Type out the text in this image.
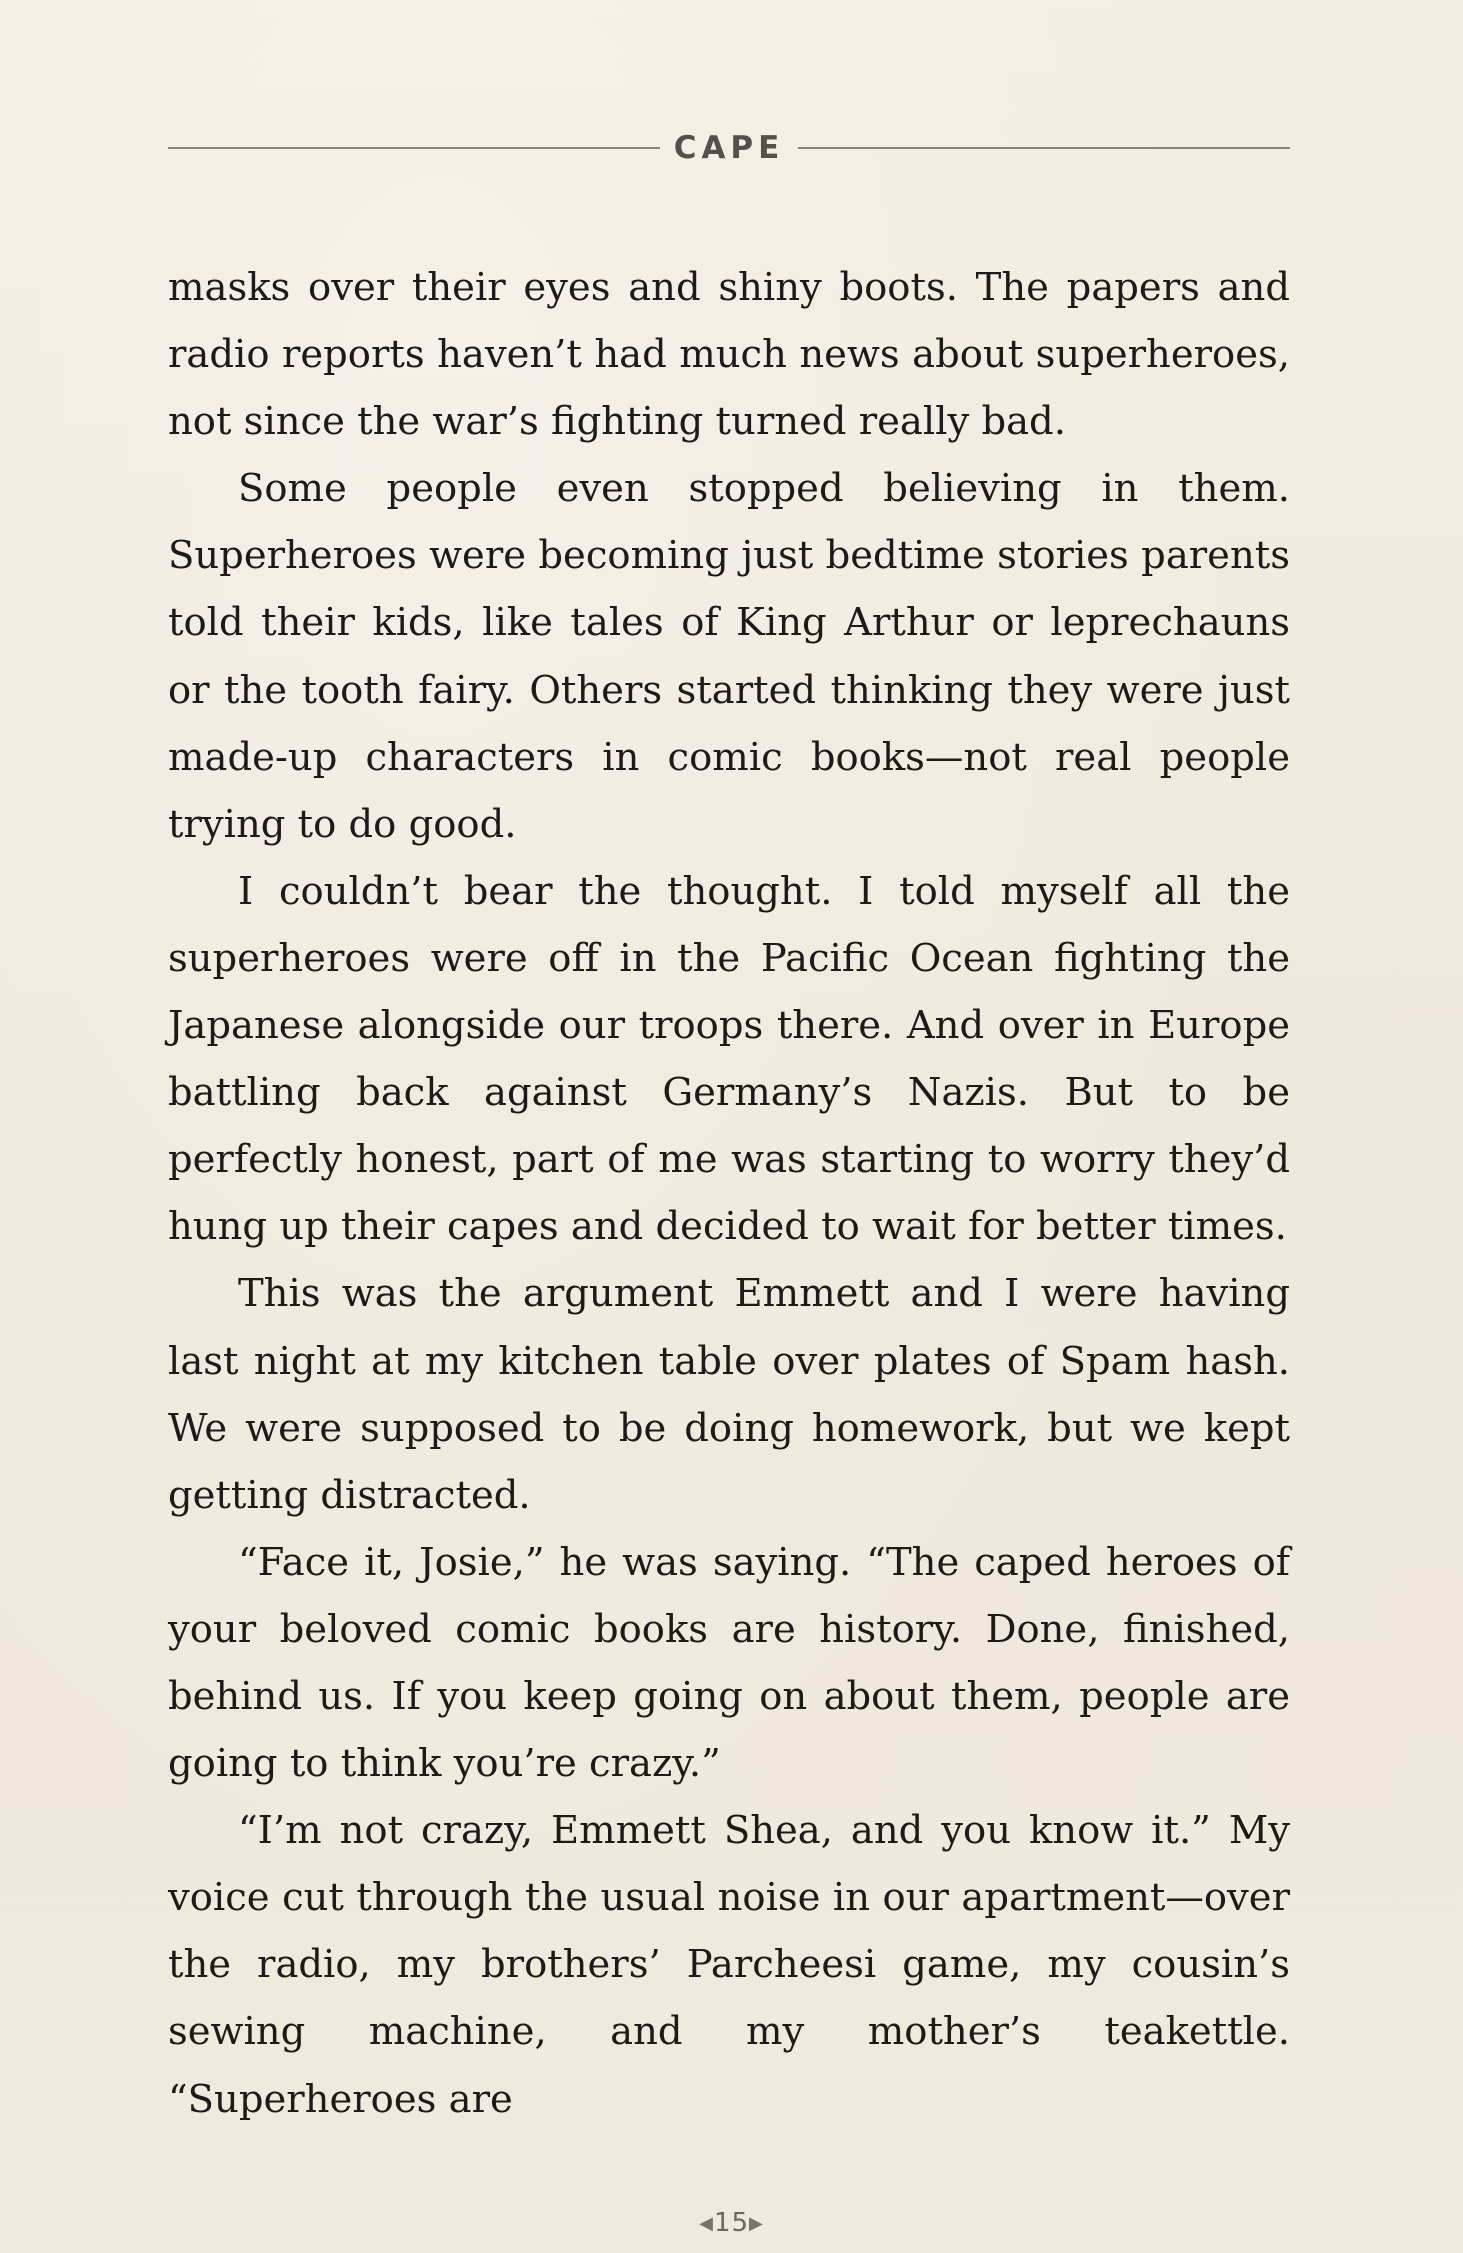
CAPE

masks over their eyes and shiny boots. The papers and radio reports haven’t had much news about superheroes, not since the war’s fighting turned really bad.

Some people even stopped believing in them. Superheroes were becoming just bedtime stories parents told their kids, like tales of King Arthur or leprechauns or the tooth fairy. Others started thinking they were just made-up characters in comic books—not real people trying to do good.

I couldn’t bear the thought. I told myself all the superheroes were off in the Pacific Ocean fighting the Japanese alongside our troops there. And over in Europe battling back against Germany’s Nazis. But to be perfectly honest, part of me was starting to worry they’d hung up their capes and decided to wait for better times.

This was the argument Emmett and I were having last night at my kitchen table over plates of Spam hash. We were supposed to be doing homework, but we kept getting distracted.

“Face it, Josie,” he was saying. “The caped heroes of your beloved comic books are history. Done, finished, behind us. If you keep going on about them, people are going to think you’re crazy.”

“I’m not crazy, Emmett Shea, and you know it.” My voice cut through the usual noise in our apartment—over the radio, my brothers’ Parcheesi game, my cousin’s sewing machine, and my mother’s teakettle. “Superheroes are

◀15▶
